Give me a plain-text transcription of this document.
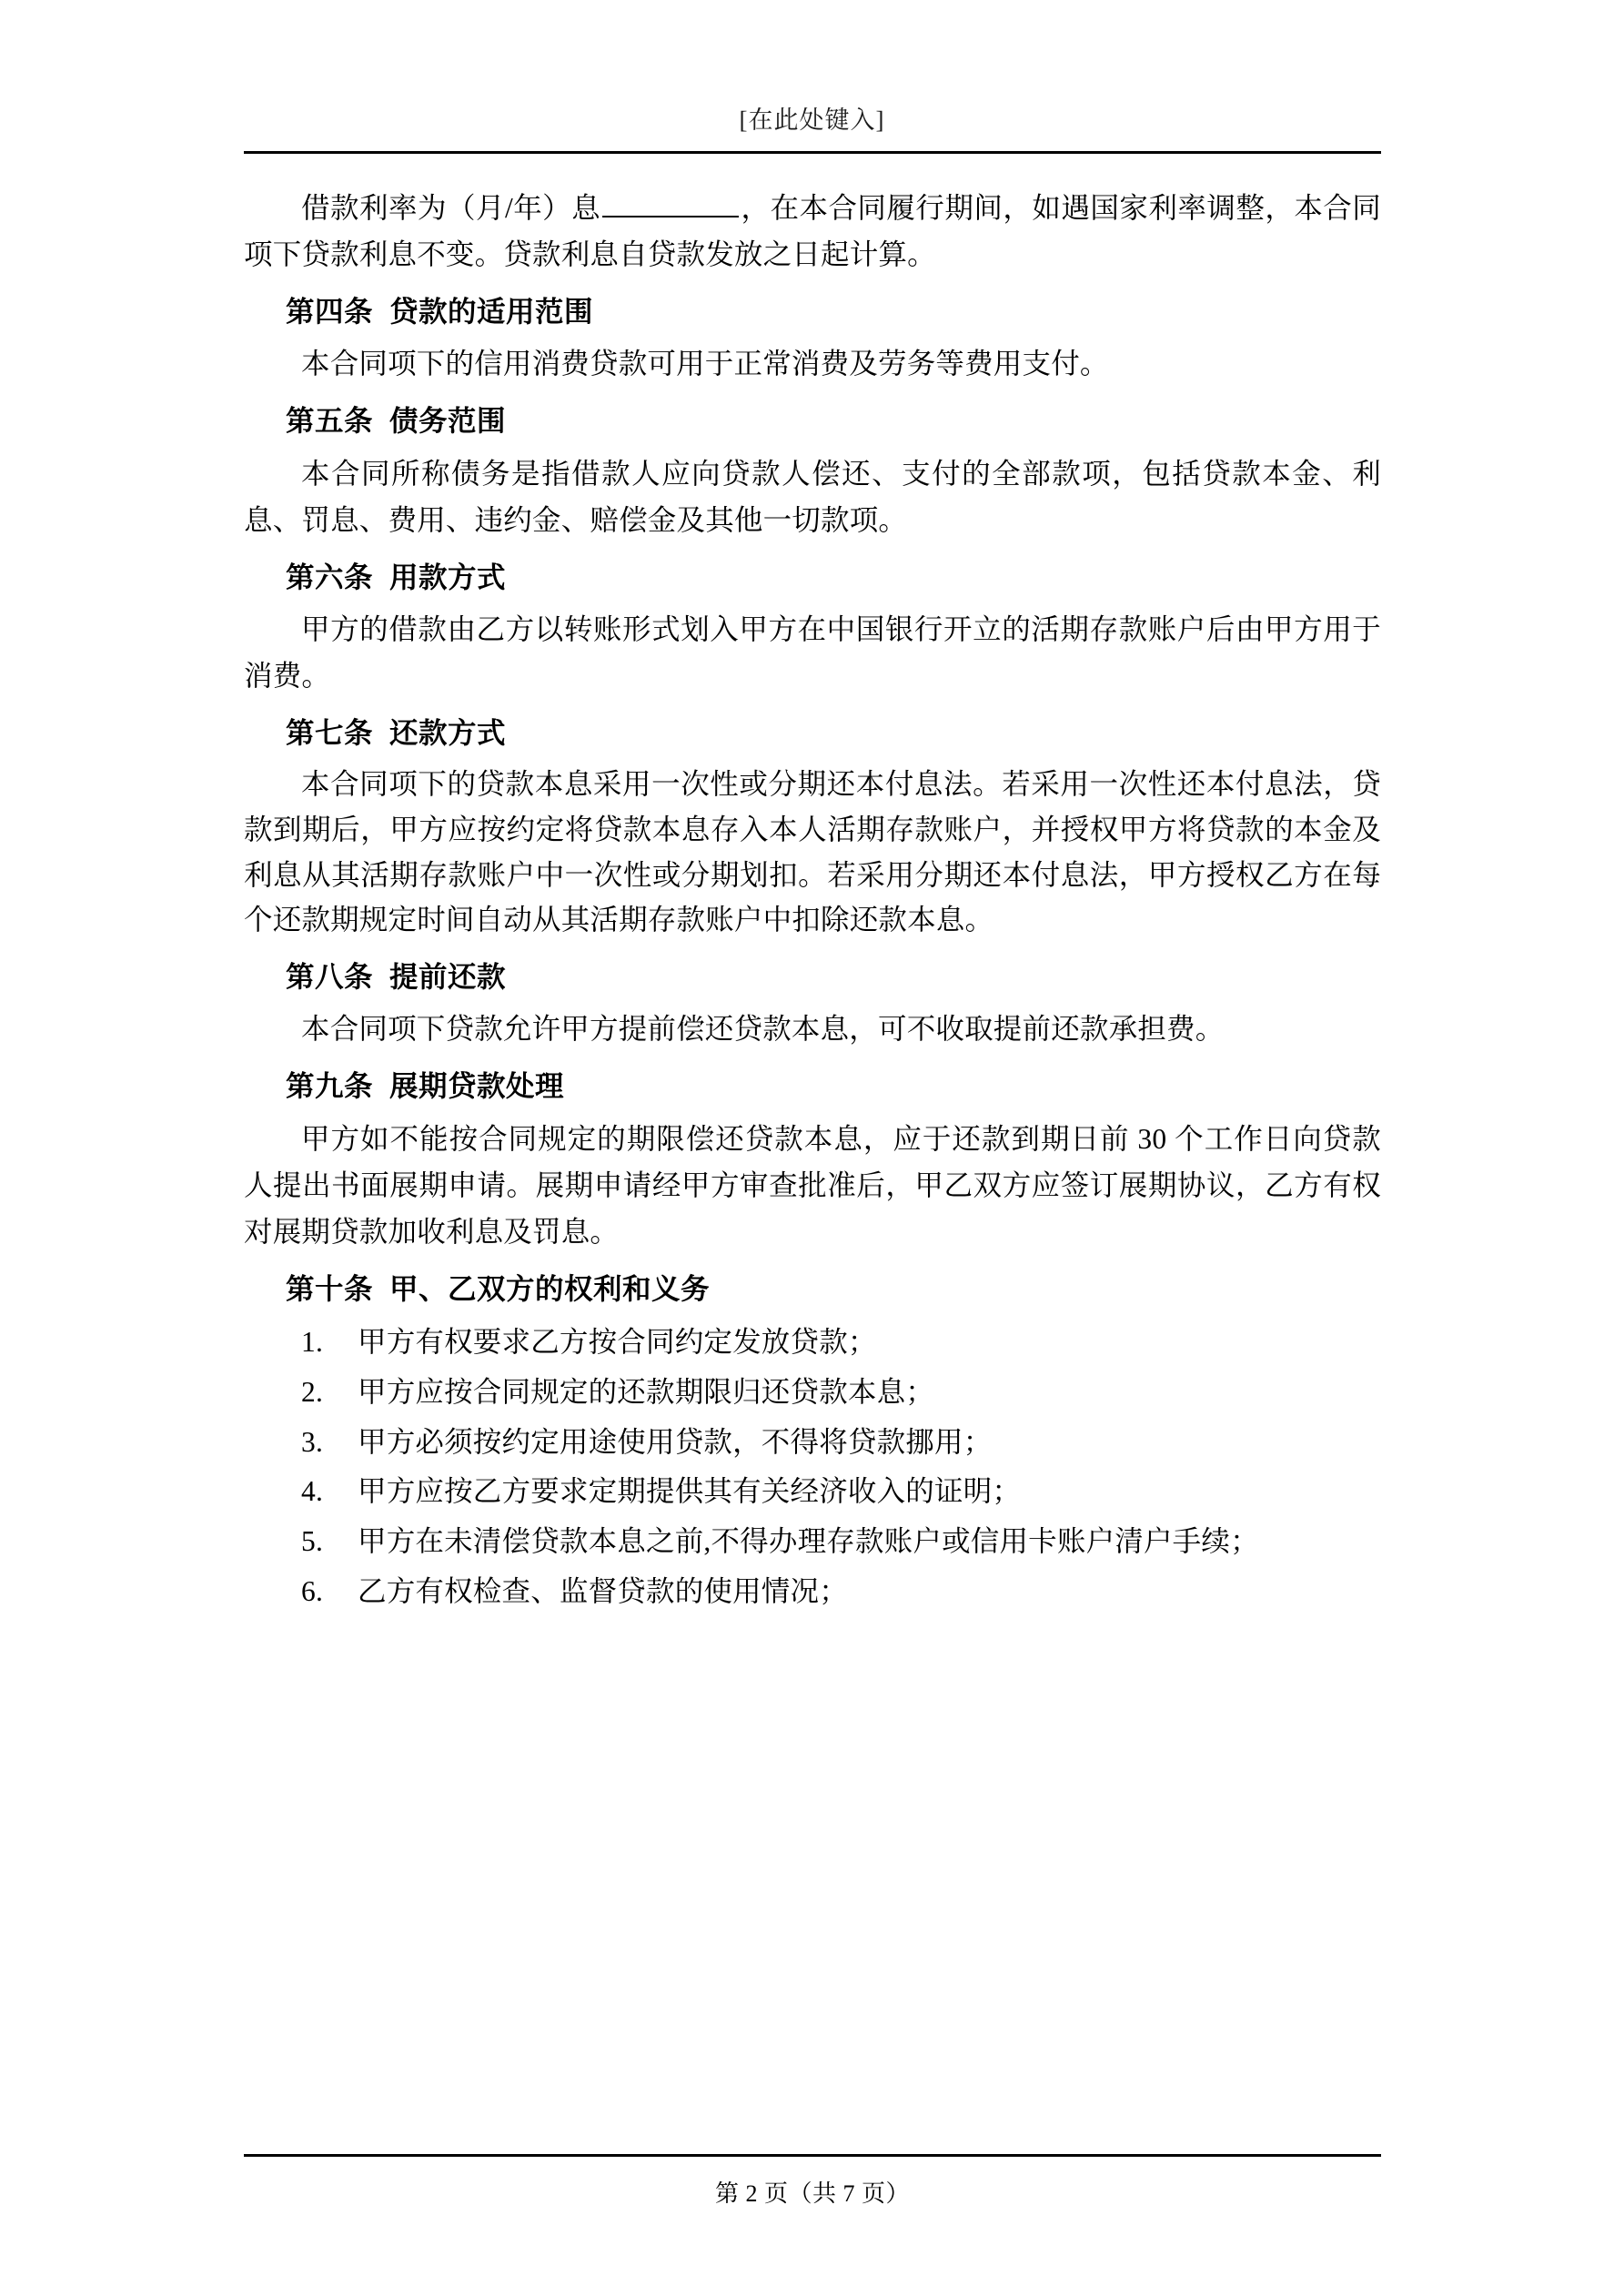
[在此处键入]

借款利率为（月/年）息	，在本合同履行期间，如遇国家利率调整，本合同项下贷款利息不变。贷款利息自贷款发放之日起计算。

第四条 贷款的适用范围

本合同项下的信用消费贷款可用于正常消费及劳务等费用支付。

第五条 债务范围

本合同所称债务是指借款人应向贷款人偿还、支付的全部款项，包括贷款本金、利息、罚息、费用、违约金、赔偿金及其他一切款项。

第六条 用款方式

甲方的借款由乙方以转账形式划入甲方在中国银行开立的活期存款账户后由甲方用于消费。

第七条 还款方式

本合同项下的贷款本息采用一次性或分期还本付息法。若采用一次性还本付息法，贷款到期后，甲方应按约定将贷款本息存入本人活期存款账户，并授权甲方将贷款的本金及利息从其活期存款账户中一次性或分期划扣。若采用分期还本付息法，甲方授权乙方在每个还款期规定时间自动从其活期存款账户中扣除还款本息。

第八条 提前还款

本合同项下贷款允许甲方提前偿还贷款本息，可不收取提前还款承担费。

第九条 展期贷款处理

甲方如不能按合同规定的期限偿还贷款本息，应于还款到期日前 30 个工作日向贷款人提出书面展期申请。展期申请经甲方审查批准后，甲乙双方应签订展期协议，乙方有权对展期贷款加收利息及罚息。

第十条 甲、乙双方的权利和义务
1. 甲方有权要求乙方按合同约定发放贷款；
2. 甲方应按合同规定的还款期限归还贷款本息；
3. 甲方必须按约定用途使用贷款，不得将贷款挪用；
4. 甲方应按乙方要求定期提供其有关经济收入的证明；
5. 甲方在未清偿贷款本息之前,不得办理存款账户或信用卡账户清户手续；
6. 乙方有权检查、监督贷款的使用情况；
第 2 页（共 7 页）
